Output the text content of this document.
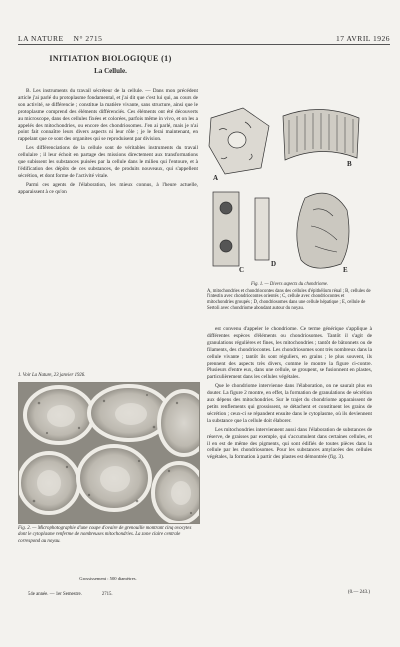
LA NATURE N° 2715	17 AVRIL 1926
INITIATION BIOLOGIQUE (1)
La Cellule.

B. Les instruments du travail sécréteur de la cellule. — Dans mon précédent article j'ai parlé du protoplasme fondamental, et j'ai dit que c'est lui qui, au cours de son activité, se différencie ; constitue la matière vivante, sans structure, ainsi que le protoplasme comprend des éléments différenciés. Ces éléments ont été découverts au microscope, dans des cellules fixées et colorées, parfois même in vivo, et on les a appelés des mitochondries, ou encore des chondriosomes. J'en ai parlé, mais je n'ai point fait connaître leurs divers aspects ni leur rôle ; je le ferai maintenant, en rappelant que ce sont des organites qui se reproduisent par division.

Les différenciations de la cellule sont de véritables instruments du travail cellulaire ; il leur échoit en partage des missions directement aux transformations que subissent les substances puisées par la cellule dans le milieu qui l'entoure, et à l'édification des dépôts de ces substances, de produits nouveaux, qui s'appellent sécrétion, et dont forme de l'activité vitale.

Parmi ces agents de l'élaboration, les mieux connus, à l'heure actuelle, apparaissent à ce qu'on

1. Voir La Nature, 23 janvier 1926.
Fig. 2. — Microphotographie d'une coupe d'ovaire de grenouille montrant cinq ovocytes dont le cytoplasme renferme de nombreuses mitochondries. La zone claire centrale correspond au noyau.
Grossissement : 500 diamètres.
54e année. — 1er Semestre.	2715.
A
B
C
D
E
Fig. 1. — Divers aspects du chondriome.
A, mitochondries et chondriocontes dans des cellules d'épithélium rénal ; B, cellules de l'intestin avec chondriocontes orientés ; C, cellule avec chondriocontes et mitochondries groupés ; D, chondriosomes dans une cellule hépatique ; E, cellule de Sertoli avec chondriome abondant autour du noyau.

est convenu d'appeler le chondriome. Ce terme générique s'applique à différentes espèces d'éléments ou chondriosomes. Tantôt il s'agit de granulations régulières et fines, les mitochondries ; tantôt de bâtonnets ou de filaments, des chondriocontes. Les chondriosomes sont très nombreux dans la cellule vivante ; tantôt ils sont réguliers, en grains ; le plus souvent, ils prennent des aspects très divers, comme le montre la figure ci-contre. Plusieurs d'entre eux, dans une cellule, se groupent, se fusionnent en plastes, particulièrement dans les cellules végétales.

Que le chondriome intervienne dans l'élaboration, on ne saurait plus en douter. La figure 2 montre, en effet, la formation de granulations de sécrétion aux dépens des mitochondries. Sur le trajet du chondriome apparaissent de petits renflements qui grossissent, se détachent et constituent les grains de sécrétion ; ceux-ci se répandent ensuite dans le cytoplasme, où ils deviennent la substance que la cellule doit élaborer.

Les mitochondries interviennent aussi dans l'élaboration de substances de réserve, de graisses par exemple, qui s'accumulent dans certaines cellules, et il en est de même des pigments, qui sont édifiés de toutes pièces dans la cellule par les chondriosomes. Pour les substances amylacées des cellules végétales, la formation à partir des plastes est démontrée (fig. 3).

(0.— 243.)
